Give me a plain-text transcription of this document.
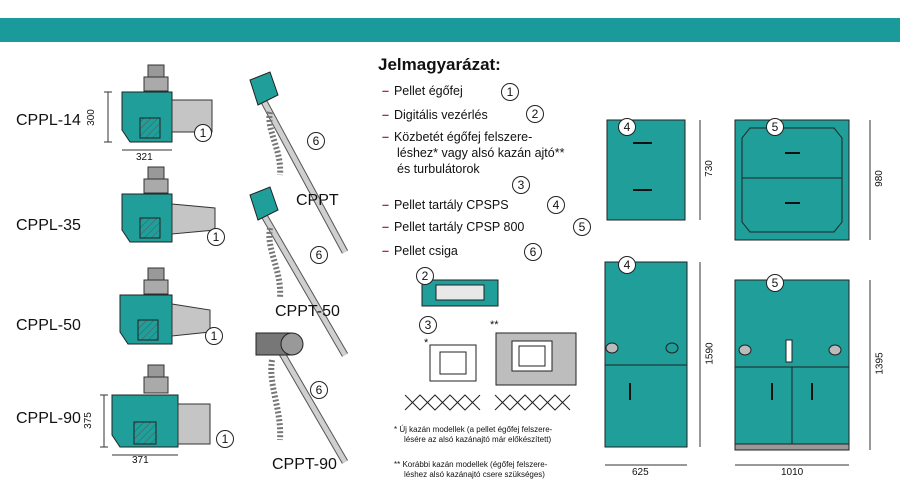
CPPL-14 300
321
1
CPPL-35
1
CPPL-50
1
CPPL-90 375
371
1
6
CPPT
6
CPPT-50
6
CPPT-90
Jelmagyarázat:
– Pellet égőfej	1
– Digitális vezérlés	2
– Közbetét égőfej felszere-
léshez* vagy alsó kazán ajtó**
és turbulátorok
3
– Pellet tartály CPSPS	4
– Pellet tartály CPSP 800	5
– Pellet csiga	6
2
3
*
**
* Új kazán modellek (a pellet égőfej felszere-
lésére az alsó kazánajtó már előkészített)
** Korábbi kazán modellek (égőfej felszere-
léshez alsó kazánajtó csere szükséges)
4
730
5
980
4
1590
625
5
1395
1010
